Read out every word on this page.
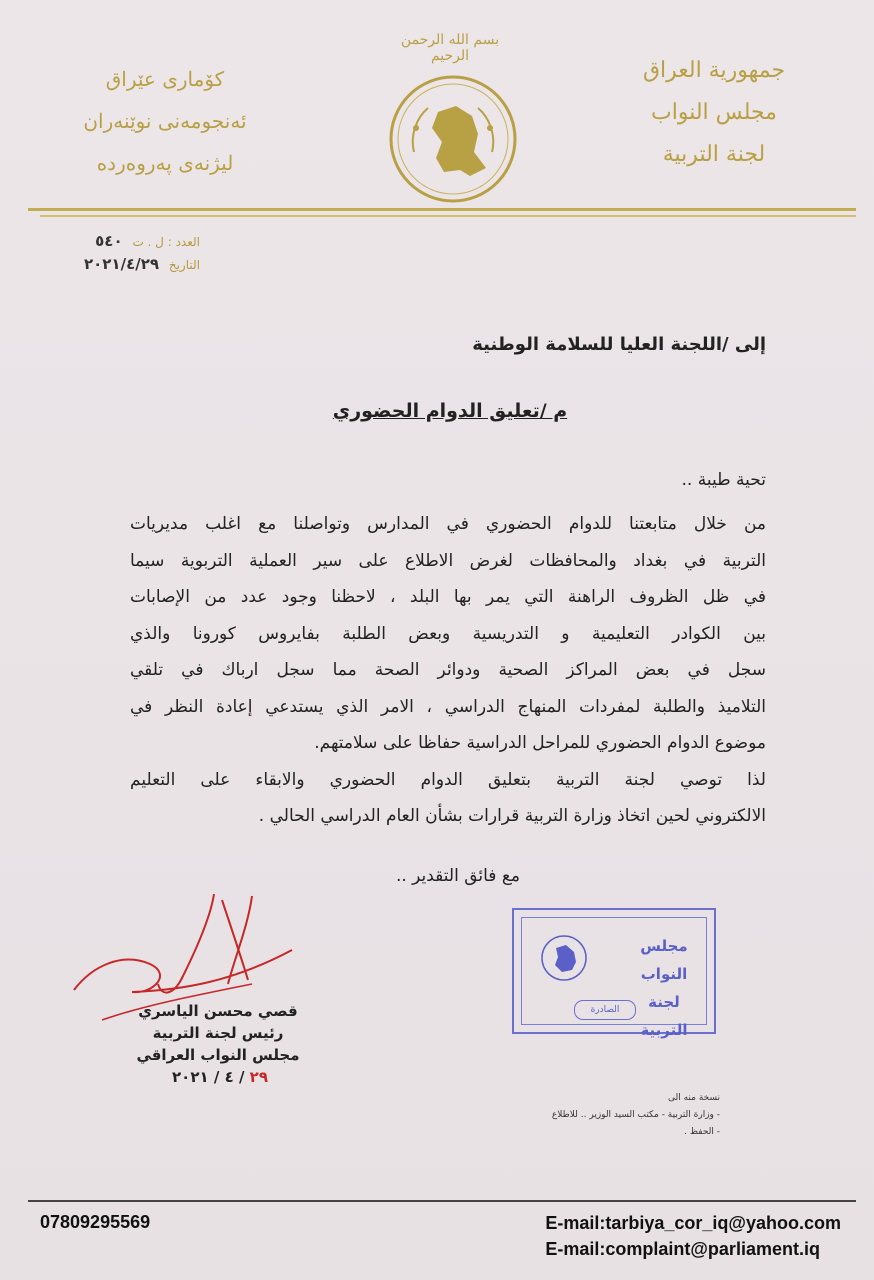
بسم الله الرحمن الرحيم
جمهورية العراق
مجلس النواب
لجنة التربية
كۆماری عێراق
ئەنجومەنی نوێنەران
لیژنەی پەروەردە
العدد : ل . ت ٥٤٠
التاريخ ٢٠٢١/٤/٢٩
إلى /اللجنة العليا للسلامة الوطنية
م /تعليق الدوام الحضوري
تحية طيبة ..

من خلال متابعتنا للدوام الحضوري في المدارس وتواصلنا مع اغلب مديريات

التربية في بغداد والمحافظات لغرض الاطلاع على سير العملية التربوية سيما

في ظل الظروف الراهنة التي يمر بها البلد ، لاحظنا وجود عدد من الإصابات

بين الكوادر التعليمية و التدريسية وبعض الطلبة بفايروس كورونا والذي

سجل في بعض المراكز الصحية ودوائر الصحة مما سجل ارباك في تلقي

التلاميذ والطلبة لمفردات المنهاج الدراسي ، الامر الذي يستدعي إعادة النظر في

موضوع الدوام الحضوري للمراحل الدراسية حفاظا على سلامتهم.

لذا توصي لجنة التربية بتعليق الدوام الحضوري والابقاء على التعليم

الالكتروني لحين اتخاذ وزارة التربية قرارات بشأن العام الدراسي الحالي .

مع فائق التقدير ..
قصي محسن الياسري
رئيس لجنة التربية
مجلس النواب العراقي
٢٩ / ٤ / ٢٠٢١
مجلس النواب
لجنة التربية
الصادرة
نسخة منه الى
- وزارة التربية - مكتب السيد الوزير .. للاطلاع
- الحفظ .
07809295569	E-mail:tarbiya_cor_iq@yahoo.com
E-mail:complaint@parliament.iq
